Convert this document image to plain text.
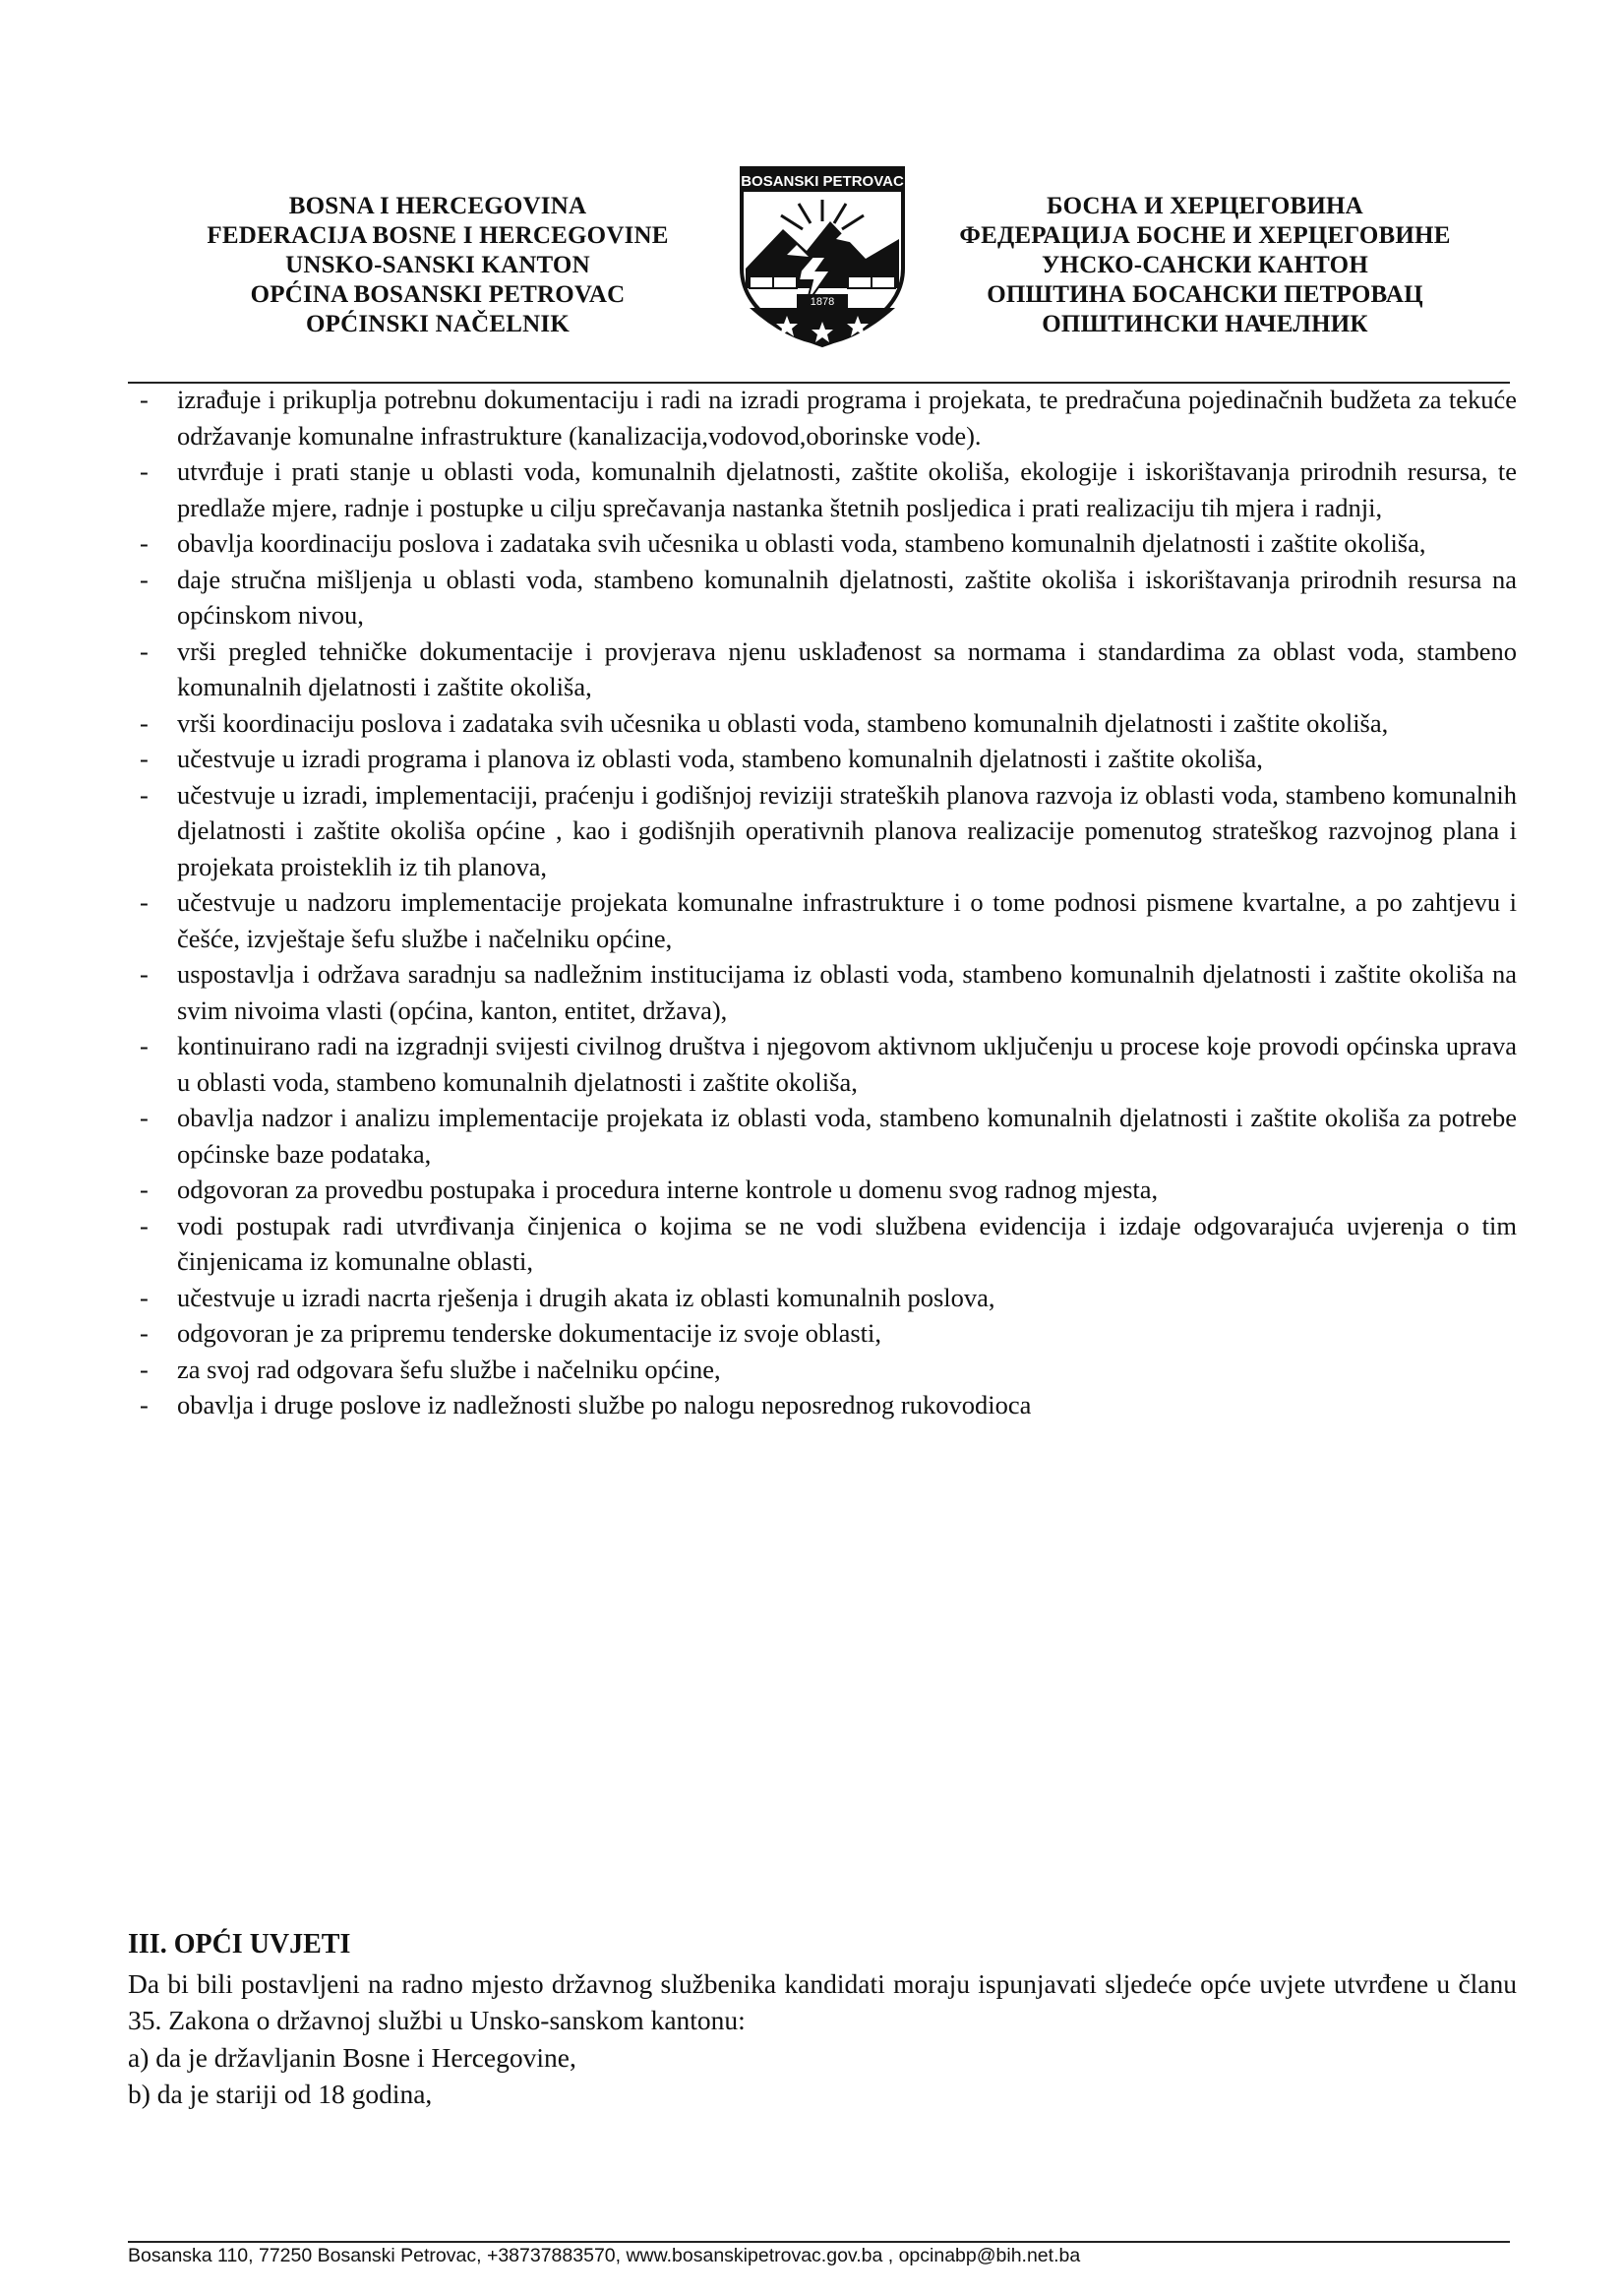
BOSNA I HERCEGOVINA
FEDERACIJA BOSNE I HERCEGOVINE
UNSKO-SANSKI KANTON
OPĆINA BOSANSKI PETROVAC
OPĆINSKI NAČELNIK
BOSANSKI PETROVAC
1878
БОСНА И ХЕРЦЕГОВИНА
ФЕДЕРАЦИЈА БОСНЕ И ХЕРЦЕГОВИНЕ
УНСКО-САНСКИ КАНТОН
ОПШТИНА БОСАНСКИ ПЕТРОВАЦ
ОПШТИНСКИ НАЧЕЛНИК
- izrađuje i prikuplja potrebnu dokumentaciju i radi na izradi programa i projekata, te predračuna pojedinačnih budžeta za tekuće održavanje komunalne infrastrukture (kanalizacija,vodovod,oborinske vode).
- utvrđuje i prati stanje u oblasti voda, komunalnih djelatnosti, zaštite okoliša, ekologije i iskorištavanja prirodnih resursa, te predlaže mjere, radnje i postupke u cilju sprečavanja nastanka štetnih posljedica i prati realizaciju tih mjera i radnji,
- obavlja koordinaciju poslova i zadataka svih učesnika u oblasti voda, stambeno komunalnih djelatnosti i zaštite okoliša,
- daje stručna mišljenja u oblasti voda, stambeno komunalnih djelatnosti, zaštite okoliša i iskorištavanja prirodnih resursa na općinskom nivou,
- vrši pregled tehničke dokumentacije i provjerava njenu usklađenost sa normama i standardima za oblast voda, stambeno komunalnih djelatnosti i zaštite okoliša,
- vrši koordinaciju poslova i zadataka svih učesnika u oblasti voda, stambeno komunalnih djelatnosti i zaštite okoliša,
- učestvuje u izradi programa i planova iz oblasti voda, stambeno komunalnih djelatnosti i zaštite okoliša,
- učestvuje u izradi, implementaciji, praćenju i godišnjoj reviziji strateških planova razvoja iz oblasti voda, stambeno komunalnih djelatnosti i zaštite okoliša općine , kao i godišnjih operativnih planova realizacije pomenutog strateškog razvojnog plana i projekata proisteklih iz tih planova,
- učestvuje u nadzoru implementacije projekata komunalne infrastrukture i o tome podnosi pismene kvartalne, a po zahtjevu i češće, izvještaje šefu službe i načelniku općine,
- uspostavlja i održava saradnju sa nadležnim institucijama iz oblasti voda, stambeno komunalnih djelatnosti i zaštite okoliša na svim nivoima vlasti (općina, kanton, entitet, država),
- kontinuirano radi na izgradnji svijesti civilnog društva i njegovom aktivnom uključenju u procese koje provodi općinska uprava u oblasti voda, stambeno komunalnih djelatnosti i zaštite okoliša,
- obavlja nadzor i analizu implementacije projekata iz oblasti voda, stambeno komunalnih djelatnosti i zaštite okoliša za potrebe općinske baze podataka,
- odgovoran za provedbu postupaka i procedura interne kontrole u domenu svog radnog mjesta,
- vodi postupak radi utvrđivanja činjenica o kojima se ne vodi službena evidencija i izdaje odgovarajuća uvjerenja o tim činjenicama iz komunalne oblasti,
- učestvuje u izradi nacrta rješenja i drugih akata iz oblasti komunalnih poslova,
- odgovoran je za pripremu tenderske dokumentacije iz svoje oblasti,
- za svoj rad odgovara šefu službe i načelniku općine,
- obavlja i druge poslove iz nadležnosti službe po nalogu neposrednog rukovodioca
III. OPĆI UVJETI
Da bi bili postavljeni na radno mjesto državnog službenika kandidati moraju ispunjavati sljedeće opće uvjete utvrđene u članu 35. Zakona o državnoj službi u Unsko-sanskom kantonu:
a) da je državljanin Bosne i Hercegovine,
b) da je stariji od 18 godina,
Bosanska 110, 77250 Bosanski Petrovac, +38737883570, www.bosanskipetrovac.gov.ba , opcinabp@bih.net.ba
